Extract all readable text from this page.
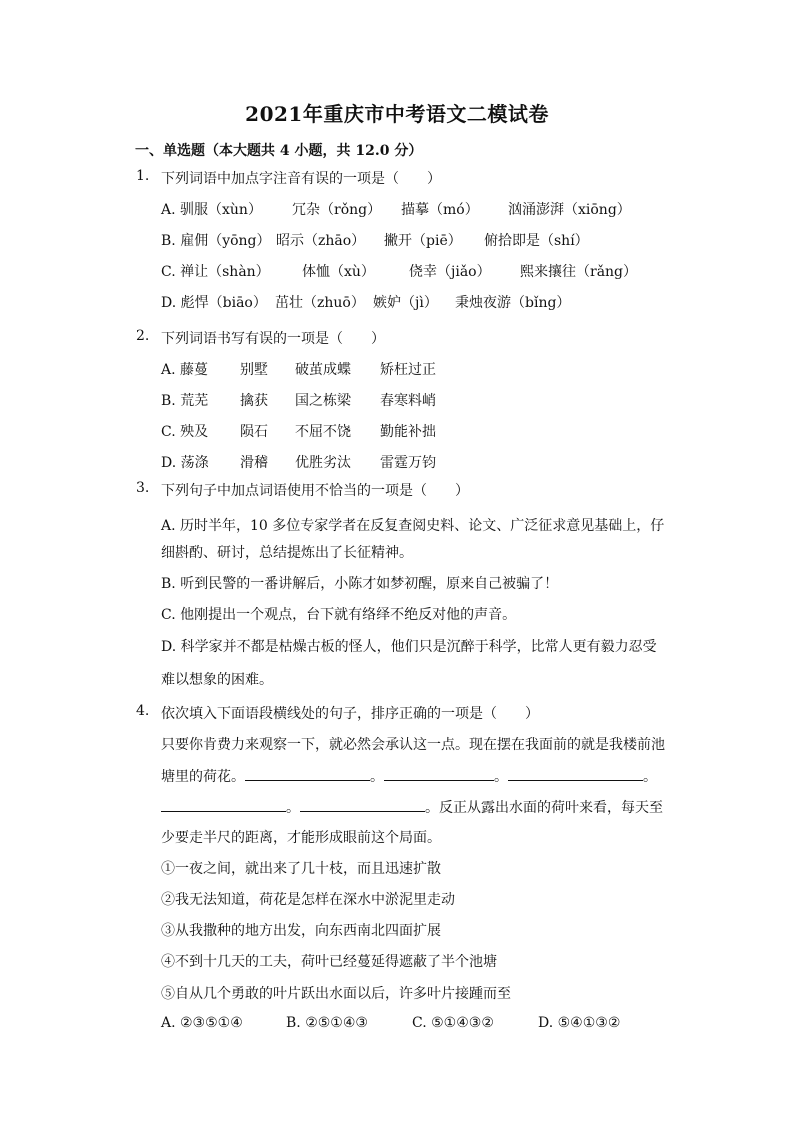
2021年重庆市中考语文二模试卷
一、单选题（本大题共 4 小题，共 12.0 分）
1. 下列词语中加点字注音有误的一项是（　　）
A. 驯服（xùn） 冗杂（rǒng） 描摹（mó） 汹涌澎湃（xiōng）
B. 雇佣（yōng） 昭示（zhāo） 撇开（piē） 俯拾即是（shí）
C. 禅让（shàn） 体恤（xù） 侥幸（jiǎo） 熙来攘往（rǎng）
D. 彪悍（biāo） 茁壮（zhuō） 嫉妒（jì） 秉烛夜游（bǐng）
2. 下列词语书写有误的一项是（　　）
A. 藤蔓 别墅 破茧成蝶 矫枉过正
B. 荒芜 擒获 国之栋梁 春寒料峭
C. 殃及 陨石 不屈不饶 勤能补拙
D. 荡涤 滑稽 优胜劣汰 雷霆万钧
3. 下列句子中加点词语使用不恰当的一项是（　　）
A. 历时半年，10 多位专家学者在反复查阅史料、论文、广泛征求意见基础上，仔
细斟酌、研讨，总结提炼出了长征精神。
B. 听到民警的一番讲解后，小陈才如梦初醒，原来自己被骗了！
C. 他刚提出一个观点，台下就有络绎不绝反对他的声音。
D. 科学家并不都是枯燥古板的怪人，他们只是沉醉于科学，比常人更有毅力忍受
难以想象的困难。
4. 依次填入下面语段横线处的句子，排序正确的一项是（　　）
只要你肯费力来观察一下，就必然会承认这一点。现在摆在我面前的就是我楼前池
塘里的荷花。	。	。	。
。	。反正从露出水面的荷叶来看，每天至
少要走半尺的距离，才能形成眼前这个局面。
①一夜之间，就出来了几十枝，而且迅速扩散
②我无法知道，荷花是怎样在深水中淤泥里走动
③从我撒种的地方出发，向东西南北四面扩展
④不到十几天的工夫，荷叶已经蔓延得遮蔽了半个池塘
⑤自从几个勇敢的叶片跃出水面以后，许多叶片接踵而至
A. ②③⑤①④	B. ②⑤①④③	C. ⑤①④③②	D. ⑤④①③②
